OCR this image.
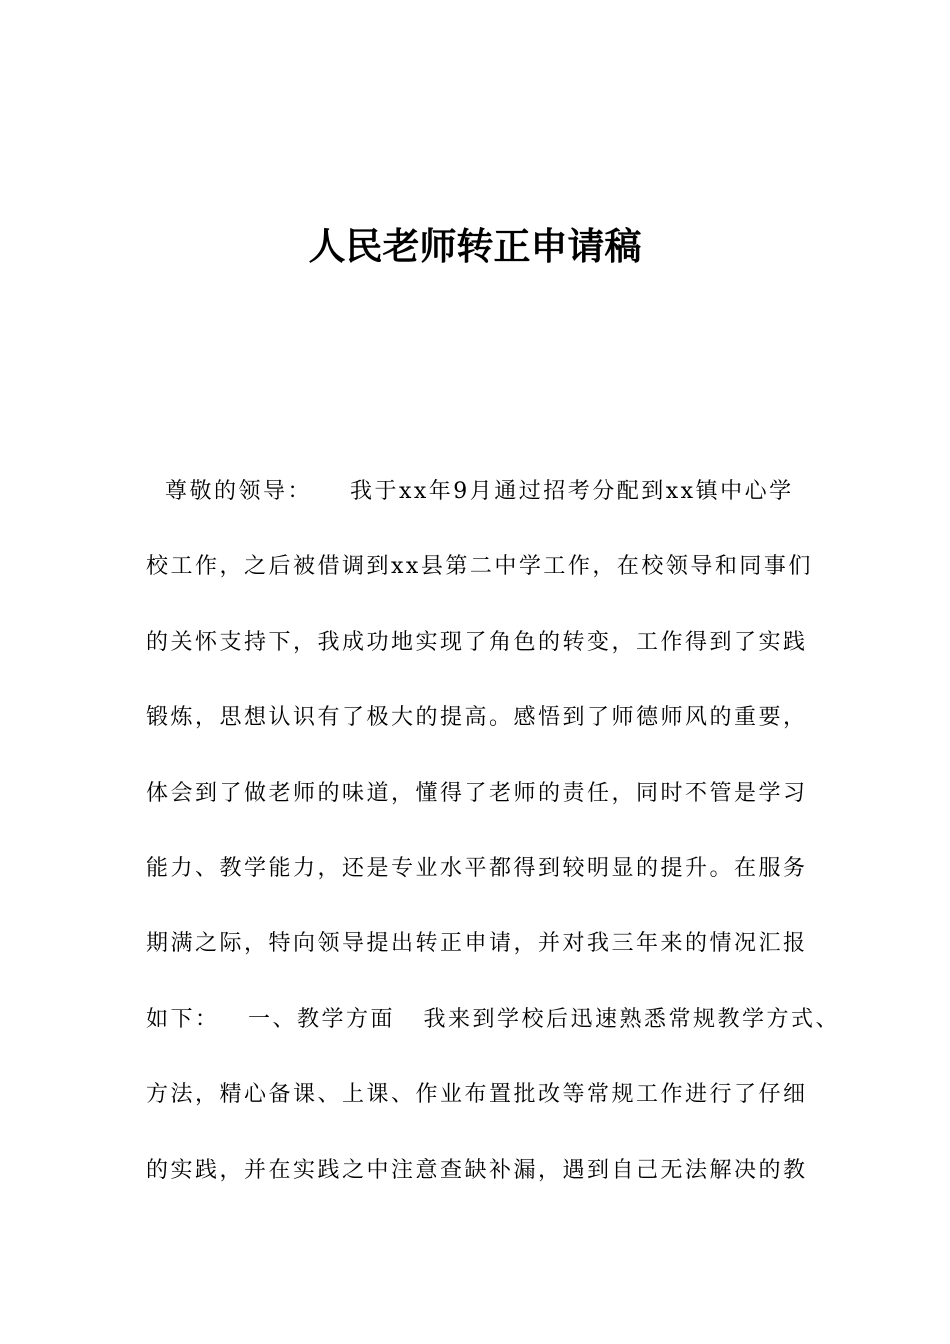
人民老师转正申请稿
尊敬的领导：    我于xx年9月通过招考分配到xx镇中心学
校工作，之后被借调到xx县第二中学工作，在校领导和同事们
的关怀支持下，我成功地实现了角色的转变，工作得到了实践
锻炼，思想认识有了极大的提高。感悟到了师德师风的重要，
体会到了做老师的味道，懂得了老师的责任，同时不管是学习
能力、教学能力，还是专业水平都得到较明显的提升。在服务
期满之际，特向领导提出转正申请，并对我三年来的情况汇报
如下：   一、教学方面   我来到学校后迅速熟悉常规教学方式、
方法，精心备课、上课、作业布置批改等常规工作进行了仔细
的实践，并在实践之中注意查缺补漏，遇到自己无法解决的教
